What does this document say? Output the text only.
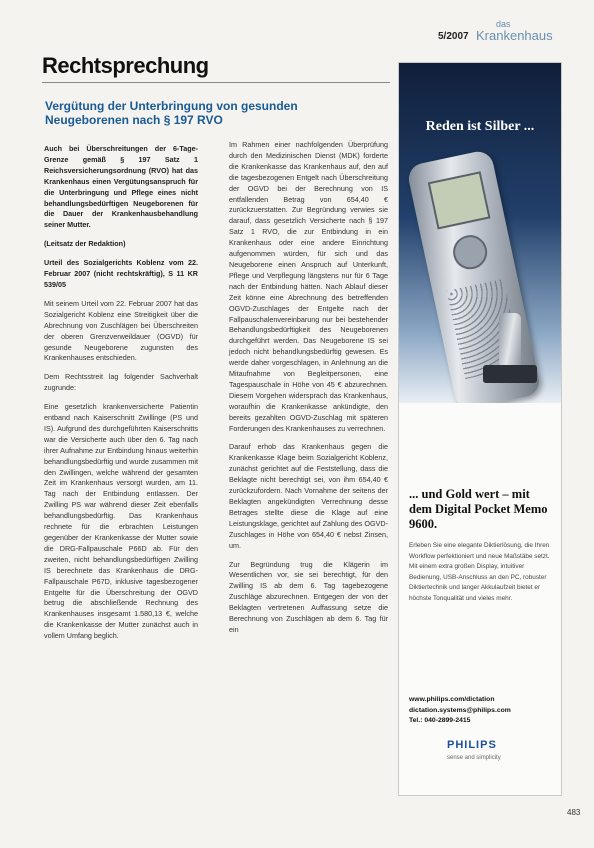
5/2007
das
Krankenhaus
Rechtsprechung
Vergütung der Unterbringung von gesunden Neugeborenen nach § 197 RVO

Auch bei Überschreitungen der 6-Tage-Grenze gemäß § 197 Satz 1 Reichsversicherungsordnung (RVO) hat das Krankenhaus einen Vergütungsanspruch für die Unterbringung und Pflege eines nicht behandlungsbedürftigen Neugeborenen für die Dauer der Krankenhausbehandlung seiner Mutter.

(Leitsatz der Redaktion)

Urteil des Sozialgerichts Koblenz vom 22. Februar 2007 (nicht rechtskräftig), S 11 KR 539/05

Mit seinem Urteil vom 22. Februar 2007 hat das Sozialgericht Koblenz eine Streitigkeit über die Abrechnung von Zuschlägen bei Überschreiten der oberen Grenzverweildauer (OGVD) für gesunde Neugeborene zugunsten des Krankenhauses entschieden.

Dem Rechtsstreit lag folgender Sachverhalt zugrunde:

Eine gesetzlich krankenversicherte Patientin entband nach Kaiserschnitt Zwillinge (PS und IS). Aufgrund des durchgeführten Kaiserschnitts war die Versicherte auch über den 6. Tag nach ihrer Aufnahme zur Entbindung hinaus weiterhin behandlungsbedürftig und wurde zusammen mit den Zwillingen, welche während der gesamten Zeit im Krankenhaus versorgt wurden, am 11. Tag nach der Entbindung entlassen. Der Zwilling PS war während dieser Zeit ebenfalls behandlungsbedürftig. Das Krankenhaus rechnete für die erbrachten Leistungen gegenüber der Krankenkasse der Mutter sowie die DRG-Fallpauschale P66D ab. Für den zweiten, nicht behandlungsbedürftigen Zwilling IS berechnete das Krankenhaus die DRG-Fallpauschale P67D, inklusive tagesbezogener Entgelte für die Überschreitung der OGVD betrug die abschließende Rechnung des Krankenhauses insgesamt 1.580,13 €, welche die Krankenkasse der Mutter zunächst auch in vollem Umfang beglich.

Im Rahmen einer nachfolgenden Überprüfung durch den Medizinischen Dienst (MDK) forderte die Krankenkasse das Krankenhaus auf, den auf die tagesbezogenen Entgelt nach Überschreitung der OGVD bei der Berechnung von IS entfallenden Betrag von 654,40 € zurückzuerstatten. Zur Begründung verwies sie darauf, dass gesetzlich Versicherte nach § 197 Satz 1 RVO, die zur Entbindung in ein Krankenhaus oder eine andere Einrichtung aufgenommen würden, für sich und das Neugeborene einen Anspruch auf Unterkunft, Pflege und Verpflegung längstens nur für 6 Tage nach der Entbindung hätten. Nach Ablauf dieser Zeit könne eine Abrechnung des betreffenden OGVD-Zuschlages der Entgelte nach der Fallpauschalenvereinbarung nur bei bestehender Behandlungsbedürftigkeit des Neugeborenen durchgeführt werden. Das Neugeborene IS sei jedoch nicht behandlungsbedürftig gewesen. Es werde daher vorgeschlagen, in Anlehnung an die Mitaufnahme von Begleitpersonen, eine Tagespauschale in Höhe von 45 € abzurechnen. Diesem Vorgehen widersprach das Krankenhaus, woraufhin die Krankenkasse ankündigte, den bereits gezahlten OGVD-Zuschlag mit späteren Forderungen des Krankenhauses zu verrechnen.

Darauf erhob das Krankenhaus gegen die Krankenkasse Klage beim Sozialgericht Koblenz, zunächst gerichtet auf die Feststellung, dass die Beklagte nicht berechtigt sei, von ihm 654,40 € zurückzufordern. Nach Vornahme der seitens der Beklagten angekündigten Verrechnung desse Betrages stellte diese die Klage auf eine Leistungsklage, gerichtet auf Zahlung des OGVD-Zuschlages in Höhe von 654,40 € nebst Zinsen, um.

Zur Begründung trug die Klägerin im Wesentlichen vor, sie sei berechtigt, für den Zwilling IS ab dem 6. Tag tagebezogene Zuschläge abzurechnen. Entgegen der von der Beklagten vertretenen Auffassung setze die Berechnung von Zuschlägen ab dem 6. Tag für ein

Reden ist Silber ...
... und Gold wert – mit dem Digital Pocket Memo 9600.
Erleben Sie eine elegante Diktierlösung, die Ihren Workflow perfektioniert und neue Maßstäbe setzt. Mit einem extra großen Display, intuitiver Bedienung, USB-Anschluss an den PC, robuster Diktiertechnik und langer Akkulaufzeit bietet er höchste Tonqualität und vieles mehr.
www.philips.com/dictation
dictation.systems@philips.com
Tel.: 040-2899-2415
PHILIPS
sense and simplicity
483
